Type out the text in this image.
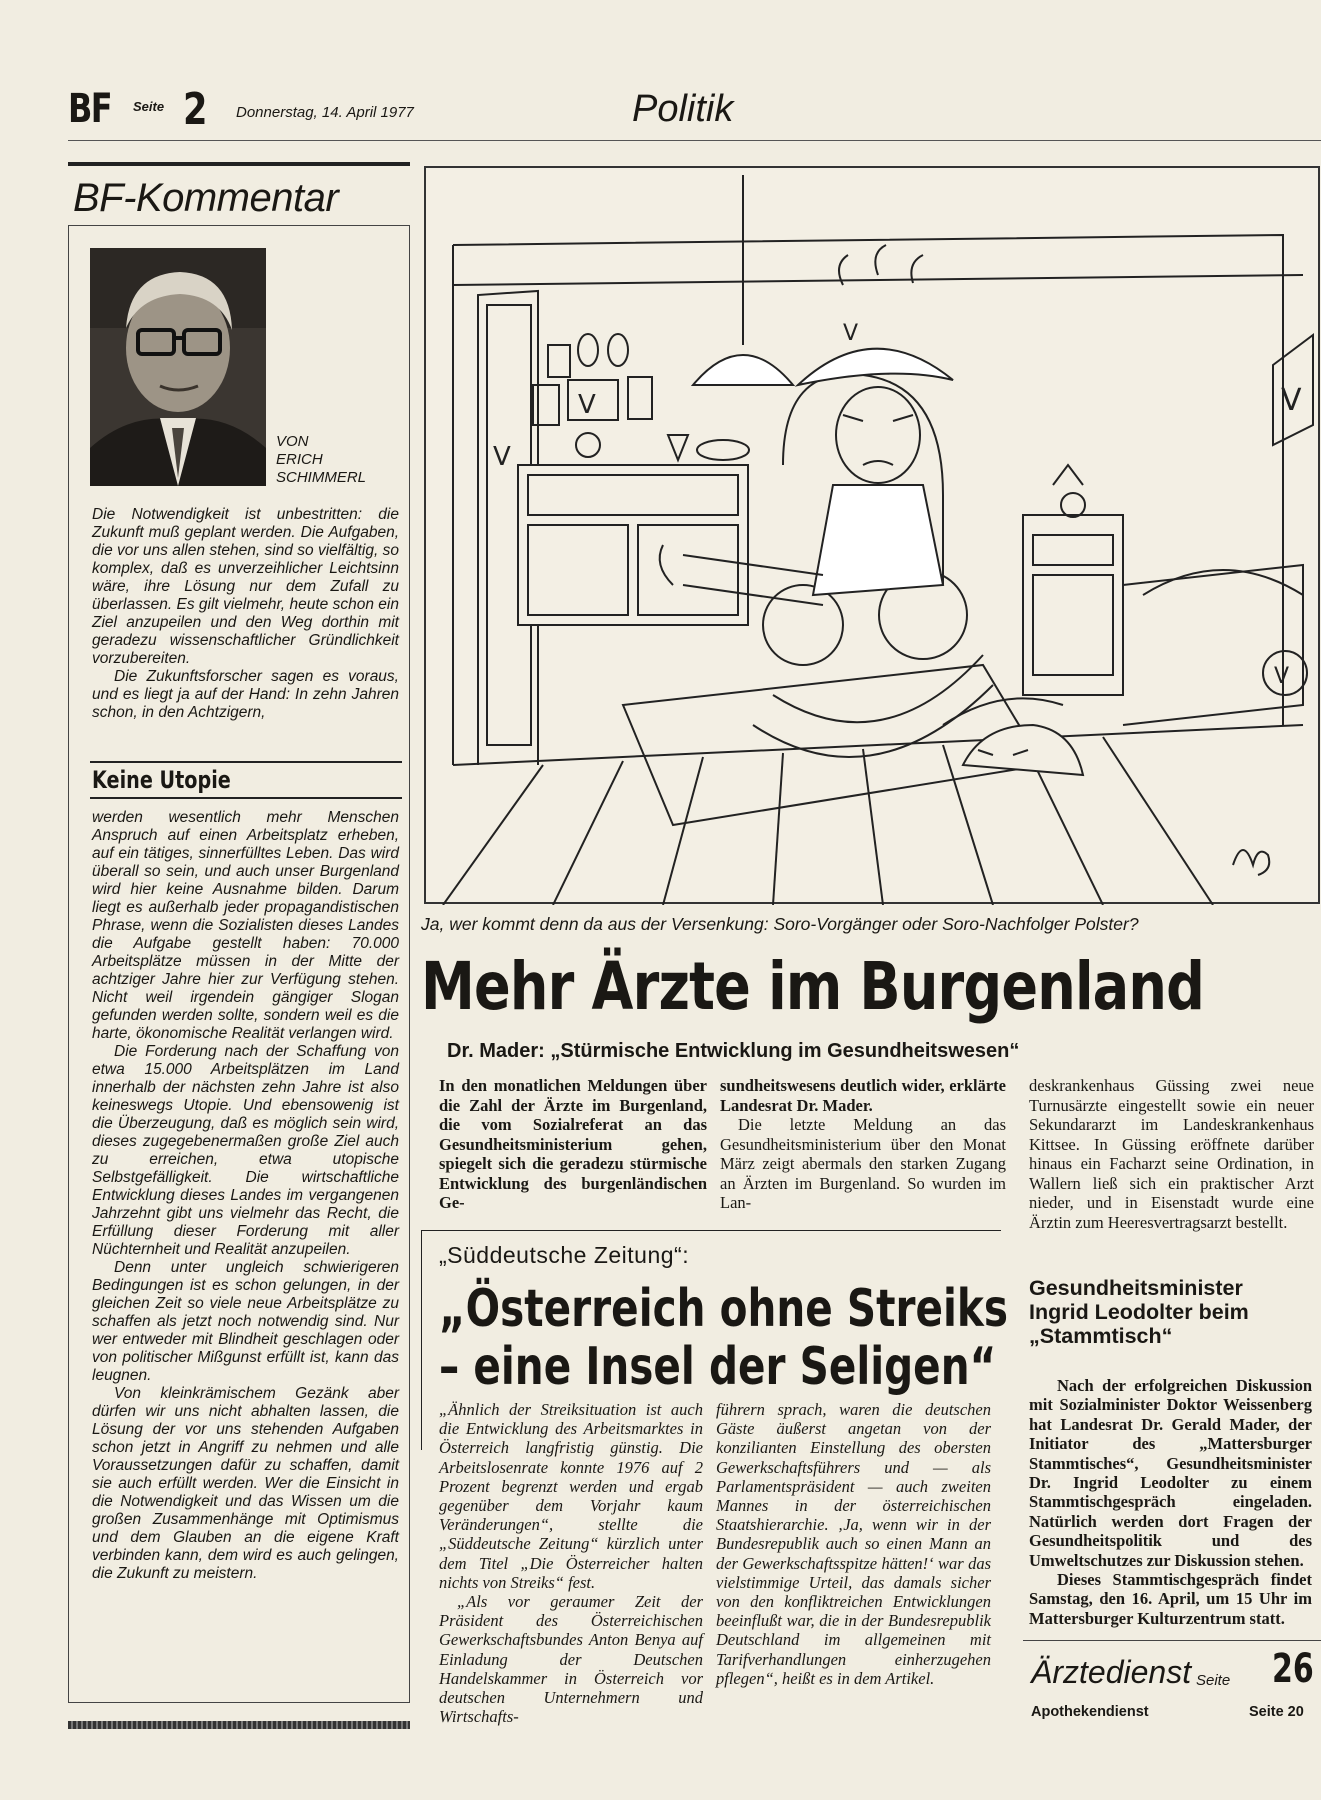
BF Seite 2 Donnerstag, 14. April 1977	Politik
BF-Kommentar
VON
ERICH
SCHIMMERL

Die Notwendigkeit ist unbestritten: die Zukunft muß geplant werden. Die Aufgaben, die vor uns allen stehen, sind so vielfältig, so komplex, daß es unverzeihlicher Leichtsinn wäre, ihre Lösung nur dem Zufall zu überlassen. Es gilt vielmehr, heute schon ein Ziel anzupeilen und den Weg dorthin mit geradezu wissenschaftlicher Gründlichkeit vorzubereiten.

Die Zukunftsforscher sagen es voraus, und es liegt ja auf der Hand: In zehn Jahren schon, in den Achtzigern,

Keine Utopie

werden wesentlich mehr Menschen Anspruch auf einen Arbeitsplatz erheben, auf ein tätiges, sinnerfülltes Leben. Das wird überall so sein, und auch unser Burgenland wird hier keine Ausnahme bilden. Darum liegt es außerhalb jeder propagandistischen Phrase, wenn die Sozialisten dieses Landes die Aufgabe gestellt haben: 70.000 Arbeitsplätze müssen in der Mitte der achtziger Jahre hier zur Verfügung stehen. Nicht weil irgendein gängiger Slogan gefunden werden sollte, sondern weil es die harte, ökonomische Realität verlangen wird.

Die Forderung nach der Schaffung von etwa 15.000 Arbeitsplätzen im Land innerhalb der nächsten zehn Jahre ist also keineswegs Utopie. Und ebensowenig ist die Überzeugung, daß es möglich sein wird, dieses zugegebenermaßen große Ziel auch zu erreichen, etwa utopische Selbstgefälligkeit. Die wirtschaftliche Entwicklung dieses Landes im vergangenen Jahrzehnt gibt uns vielmehr das Recht, die Erfüllung dieser Forderung mit aller Nüchternheit und Realität anzupeilen.

Denn unter ungleich schwierigeren Bedingungen ist es schon gelungen, in der gleichen Zeit so viele neue Arbeitsplätze zu schaffen als jetzt noch notwendig sind. Nur wer entweder mit Blindheit geschlagen oder von politischer Mißgunst erfüllt ist, kann das leugnen.

Von kleinkrämischem Gezänk aber dürfen wir uns nicht abhalten lassen, die Lösung der vor uns stehenden Aufgaben schon jetzt in Angriff zu nehmen und alle Voraussetzungen dafür zu schaffen, damit sie auch erfüllt werden. Wer die Einsicht in die Notwendigkeit und das Wissen um die großen Zusammenhänge mit Optimismus und dem Glauben an die eigene Kraft verbinden kann, dem wird es auch gelingen, die Zukunft zu meistern.

V
V
V
V
V
Ja, wer kommt denn da aus der Versenkung: Soro-Vorgänger oder Soro-Nachfolger Polster?
Mehr Ärzte im Burgenland
Dr. Mader: „Stürmische Entwicklung im Gesundheitswesen“
In den monatlichen Meldungen über die Zahl der Ärzte im Burgenland, die vom Sozialreferat an das Gesundheitsministerium gehen, spiegelt sich die geradezu stürmische Entwicklung des burgenländischen Ge-

sundheitswesens deutlich wider, erklärte Landesrat Dr. Mader.

Die letzte Meldung an das Gesundheitsministerium über den Monat März zeigt abermals den starken Zugang an Ärzten im Burgenland. So wurden im Lan-

deskrankenhaus Güssing zwei neue Turnusärzte eingestellt sowie ein neuer Sekundararzt im Landeskrankenhaus Kittsee. In Güssing eröffnete darüber hinaus ein Facharzt seine Ordination, in Wallern ließ sich ein praktischer Arzt nieder, und in Eisenstadt wurde eine Ärztin zum Heeresvertragsarzt bestellt.
„Süddeutsche Zeitung“:
„Österreich ohne Streiks
– eine Insel der Seligen“

„Ähnlich der Streiksituation ist auch die Entwicklung des Arbeitsmarktes in Österreich langfristig günstig. Die Arbeitslosenrate konnte 1976 auf 2 Prozent begrenzt werden und ergab gegenüber dem Vorjahr kaum Veränderungen“, stellte die „Süddeutsche Zeitung“ kürzlich unter dem Titel „Die Österreicher halten nichts von Streiks“ fest.

„Als vor geraumer Zeit der Präsident des Österreichischen Gewerkschaftsbundes Anton Benya auf Einladung der Deutschen Handelskammer in Österreich vor deutschen Unternehmern und Wirtschafts-

führern sprach, waren die deutschen Gäste äußerst angetan von der konzilianten Einstellung des obersten Gewerkschaftsführers und — als Parlamentspräsident — auch zweiten Mannes in der österreichischen Staatshierarchie. ‚Ja, wenn wir in der Bundesrepublik auch so einen Mann an der Gewerkschaftsspitze hätten!‘ war das vielstimmige Urteil, das damals sicher von den konfliktreichen Entwicklungen beeinflußt war, die in der Bundesrepublik Deutschland im allgemeinen mit Tarifverhandlungen einherzugehen pflegen“, heißt es in dem Artikel.
Gesundheitsminister
Ingrid Leodolter beim
„Stammtisch“

Nach der erfolgreichen Diskussion mit Sozialminister Doktor Weissenberg hat Landesrat Dr. Gerald Mader, der Initiator des „Mattersburger Stammtisches“, Gesundheitsminister Dr. Ingrid Leodolter zu einem Stammtischgespräch eingeladen. Natürlich werden dort Fragen der Gesundheitspolitik und des Umweltschutzes zur Diskussion stehen.

Dieses Stammtischgespräch findet Samstag, den 16. April, um 15 Uhr im Mattersburger Kulturzentrum statt.

Ärztedienst Seite 26
Apothekendienst	Seite 20
